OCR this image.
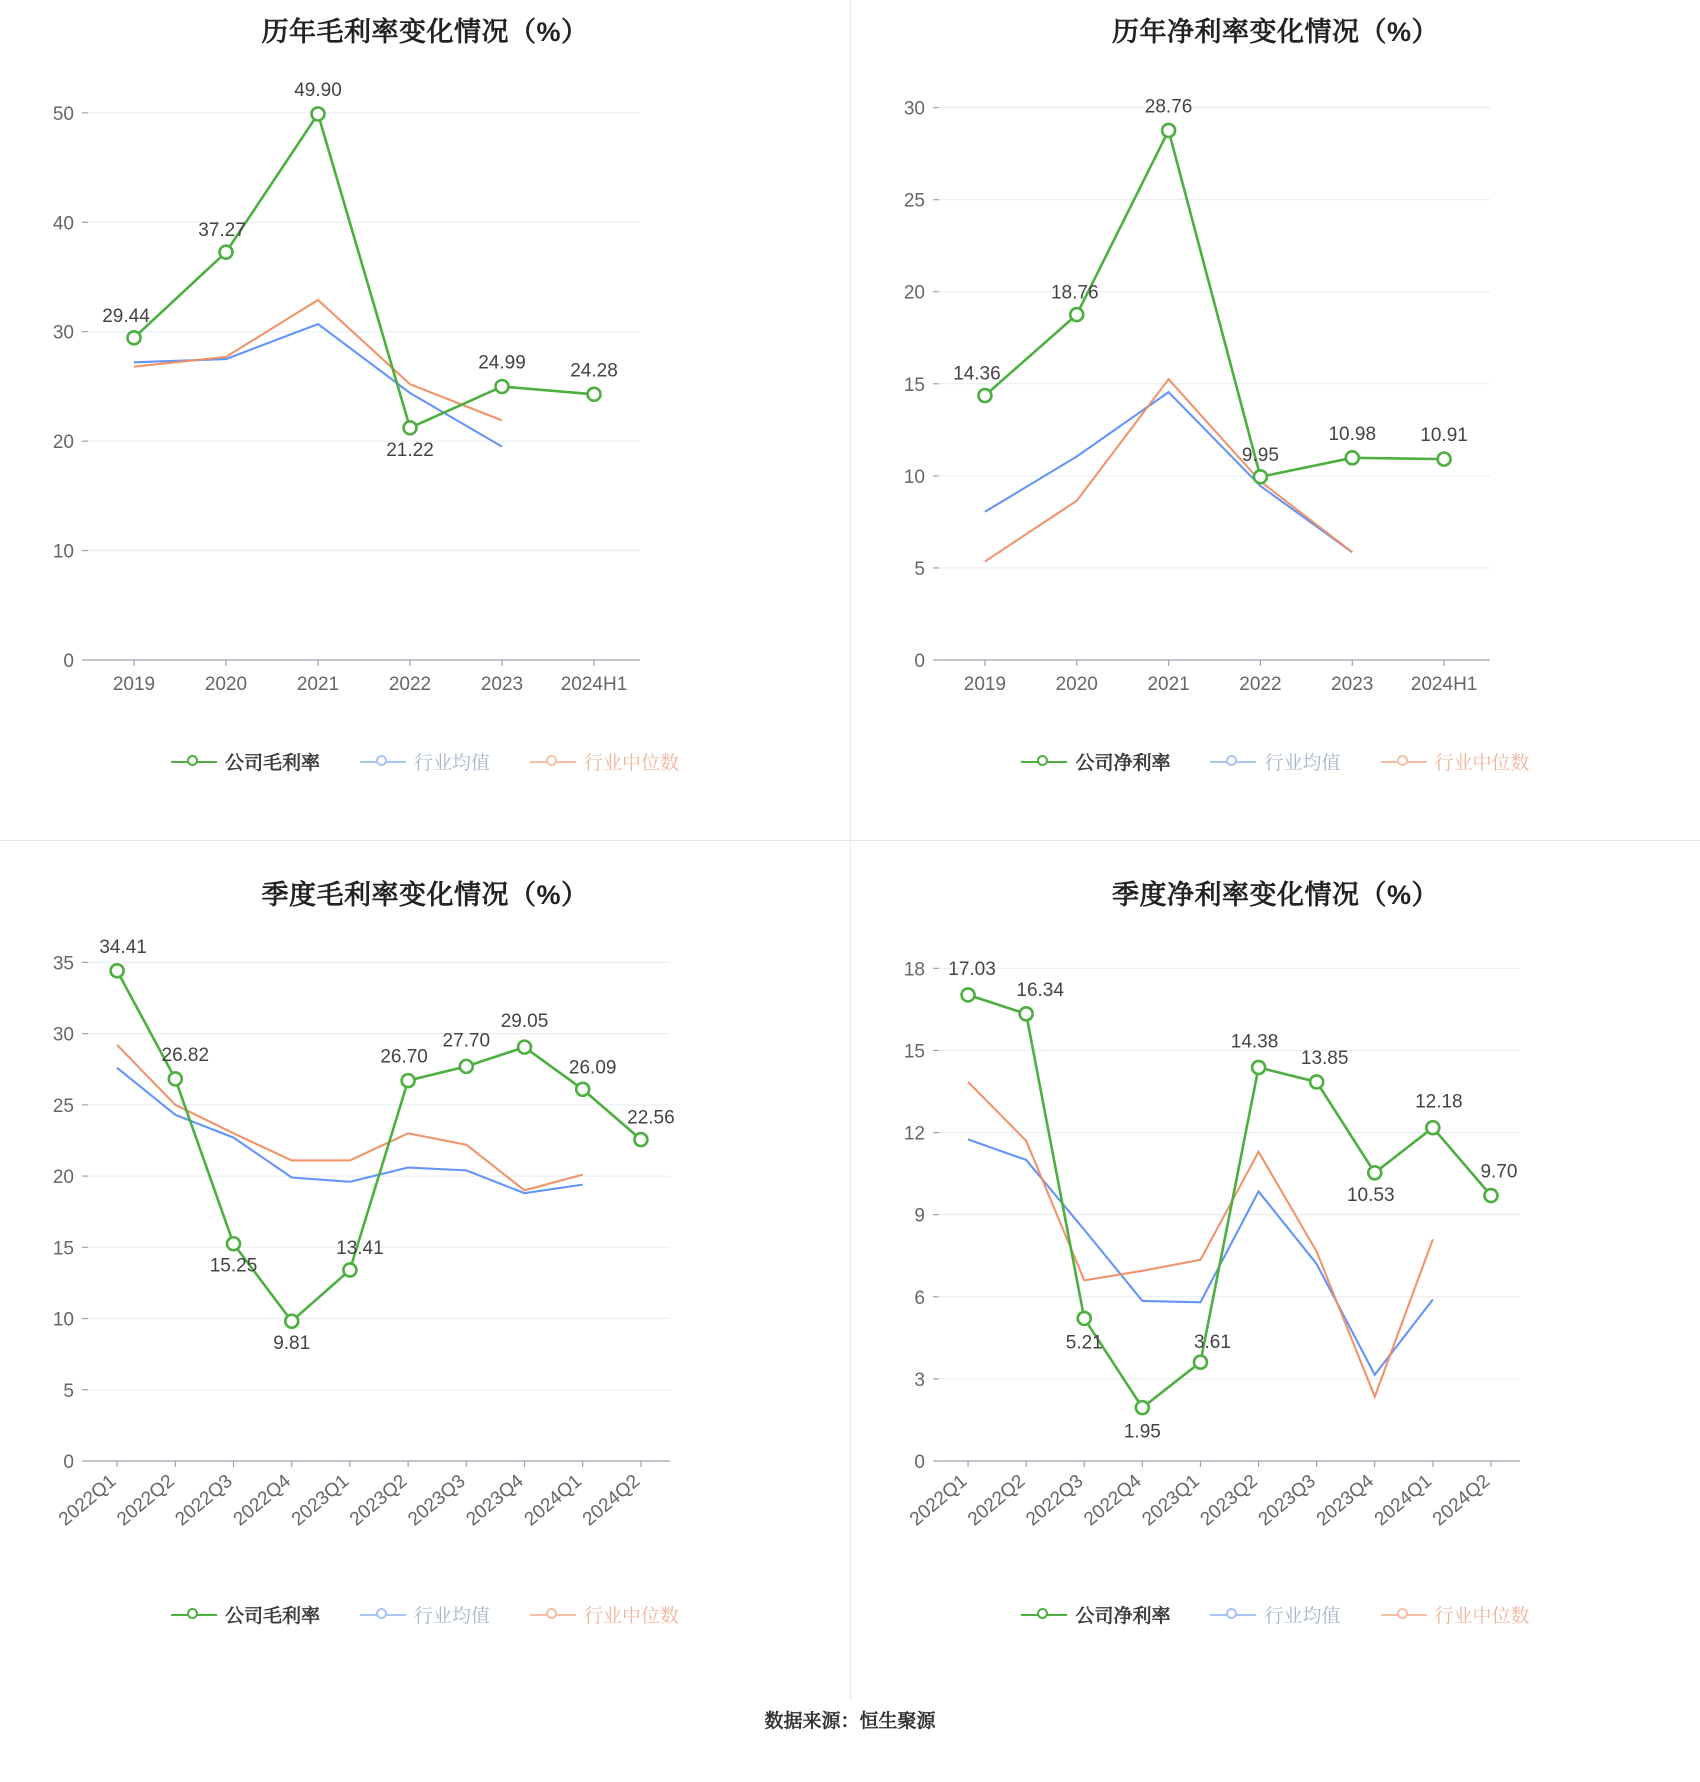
历年毛利率变化情况（%）
0
10
20
30
40
50
2019	2020	2021	2022	2023 2024H1
29.44
37.27
49.90
21.22
24.99 24.28
公司毛利率	行业均值	行业中位数
历年净利率变化情况（%）
0
5
10
15
20
25
30
2019	2020	2021	2022	2023 2024H1
14.36
18.76
28.76
9.95
10.98 10.91
公司净利率	行业均值	行业中位数
季度毛利率变化情况（%）
0
5
10
15
20
25
30
35
2022Q1
2022Q2
2022Q3
2022Q4
2023Q1
2023Q2
2023Q3
2023Q4
2024Q1
2024Q2
34.41
26.82
15.25
9.81
13.41
26.70
27.70
29.05
26.09
22.56
公司毛利率	行业均值	行业中位数
季度净利率变化情况（%）
0
3
6
9
12
15
18
2022Q1
2022Q2
2022Q3
2022Q4
2023Q1
2023Q2
2023Q3
2023Q4
2024Q1
2024Q2
17.03
16.34
5.21
1.95
3.61
14.38
13.85
10.53
12.18
9.70
公司净利率	行业均值	行业中位数
数据来源：恒生聚源
